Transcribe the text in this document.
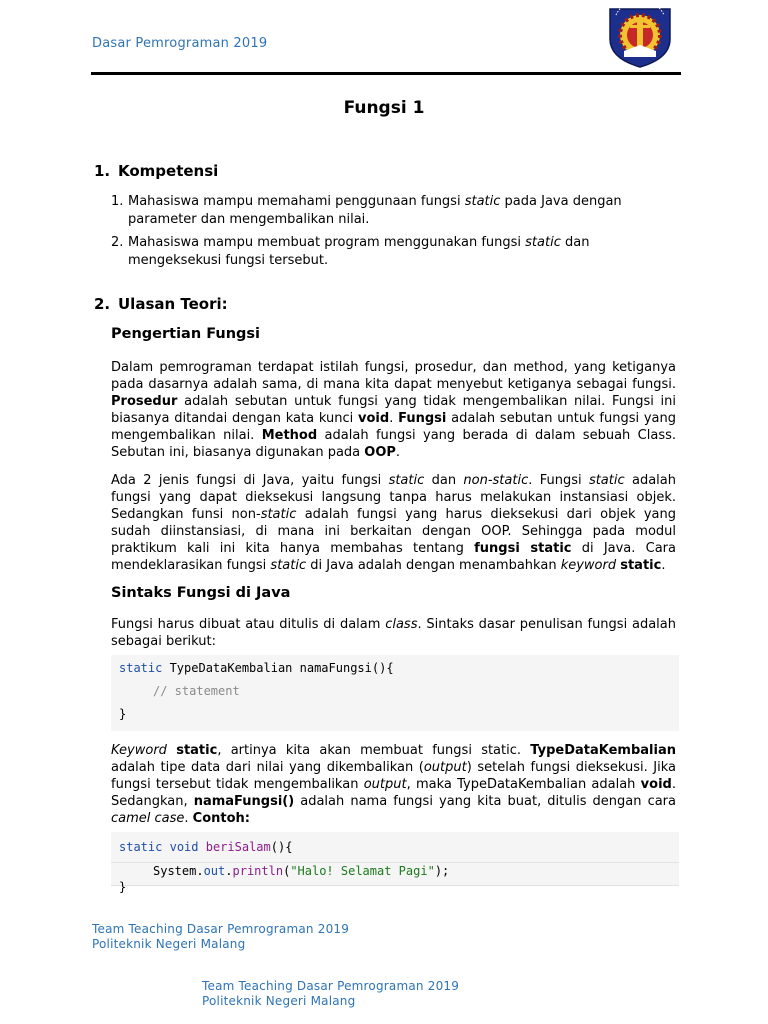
Dasar Pemrograman 2019
Fungsi 1
1. Kompetensi
1. Mahasiswa mampu memahami penggunaan fungsi static pada Java dengan parameter dan mengembalikan nilai.
2. Mahasiswa mampu membuat program menggunakan fungsi static dan mengeksekusi fungsi tersebut.
2. Ulasan Teori:
Pengertian Fungsi
Dalam pemrograman terdapat istilah fungsi, prosedur, dan method, yang ketiganya pada dasarnya adalah sama, di mana kita dapat menyebut ketiganya sebagai fungsi. Prosedur adalah sebutan untuk fungsi yang tidak mengembalikan nilai. Fungsi ini biasanya ditandai dengan kata kunci void. Fungsi adalah sebutan untuk fungsi yang mengembalikan nilai. Method adalah fungsi yang berada di dalam sebuah Class. Sebutan ini, biasanya digunakan pada OOP.
Ada 2 jenis fungsi di Java, yaitu fungsi static dan non-static. Fungsi static adalah fungsi yang dapat dieksekusi langsung tanpa harus melakukan instansiasi objek. Sedangkan funsi non-static adalah fungsi yang harus dieksekusi dari objek yang sudah diinstansiasi, di mana ini berkaitan dengan OOP. Sehingga pada modul praktikum kali ini kita hanya membahas tentang fungsi static di Java. Cara mendeklarasikan fungsi static di Java adalah dengan menambahkan keyword static.
Sintaks Fungsi di Java
Fungsi harus dibuat atau ditulis di dalam class. Sintaks dasar penulisan fungsi adalah sebagai berikut:
static TypeDataKembalian namaFungsi(){
// statement
}
Keyword static, artinya kita akan membuat fungsi static. TypeDataKembalian adalah tipe data dari nilai yang dikembalikan (output) setelah fungsi dieksekusi. Jika fungsi tersebut tidak mengembalikan output, maka TypeDataKembalian adalah void. Sedangkan, namaFungsi() adalah nama fungsi yang kita buat, ditulis dengan cara camel case. Contoh:
static void beriSalam(){
System.out.println("Halo! Selamat Pagi");
}
Team Teaching Dasar Pemrograman 2019
Politeknik Negeri Malang
Team Teaching Dasar Pemrograman 2019
Politeknik Negeri Malang
